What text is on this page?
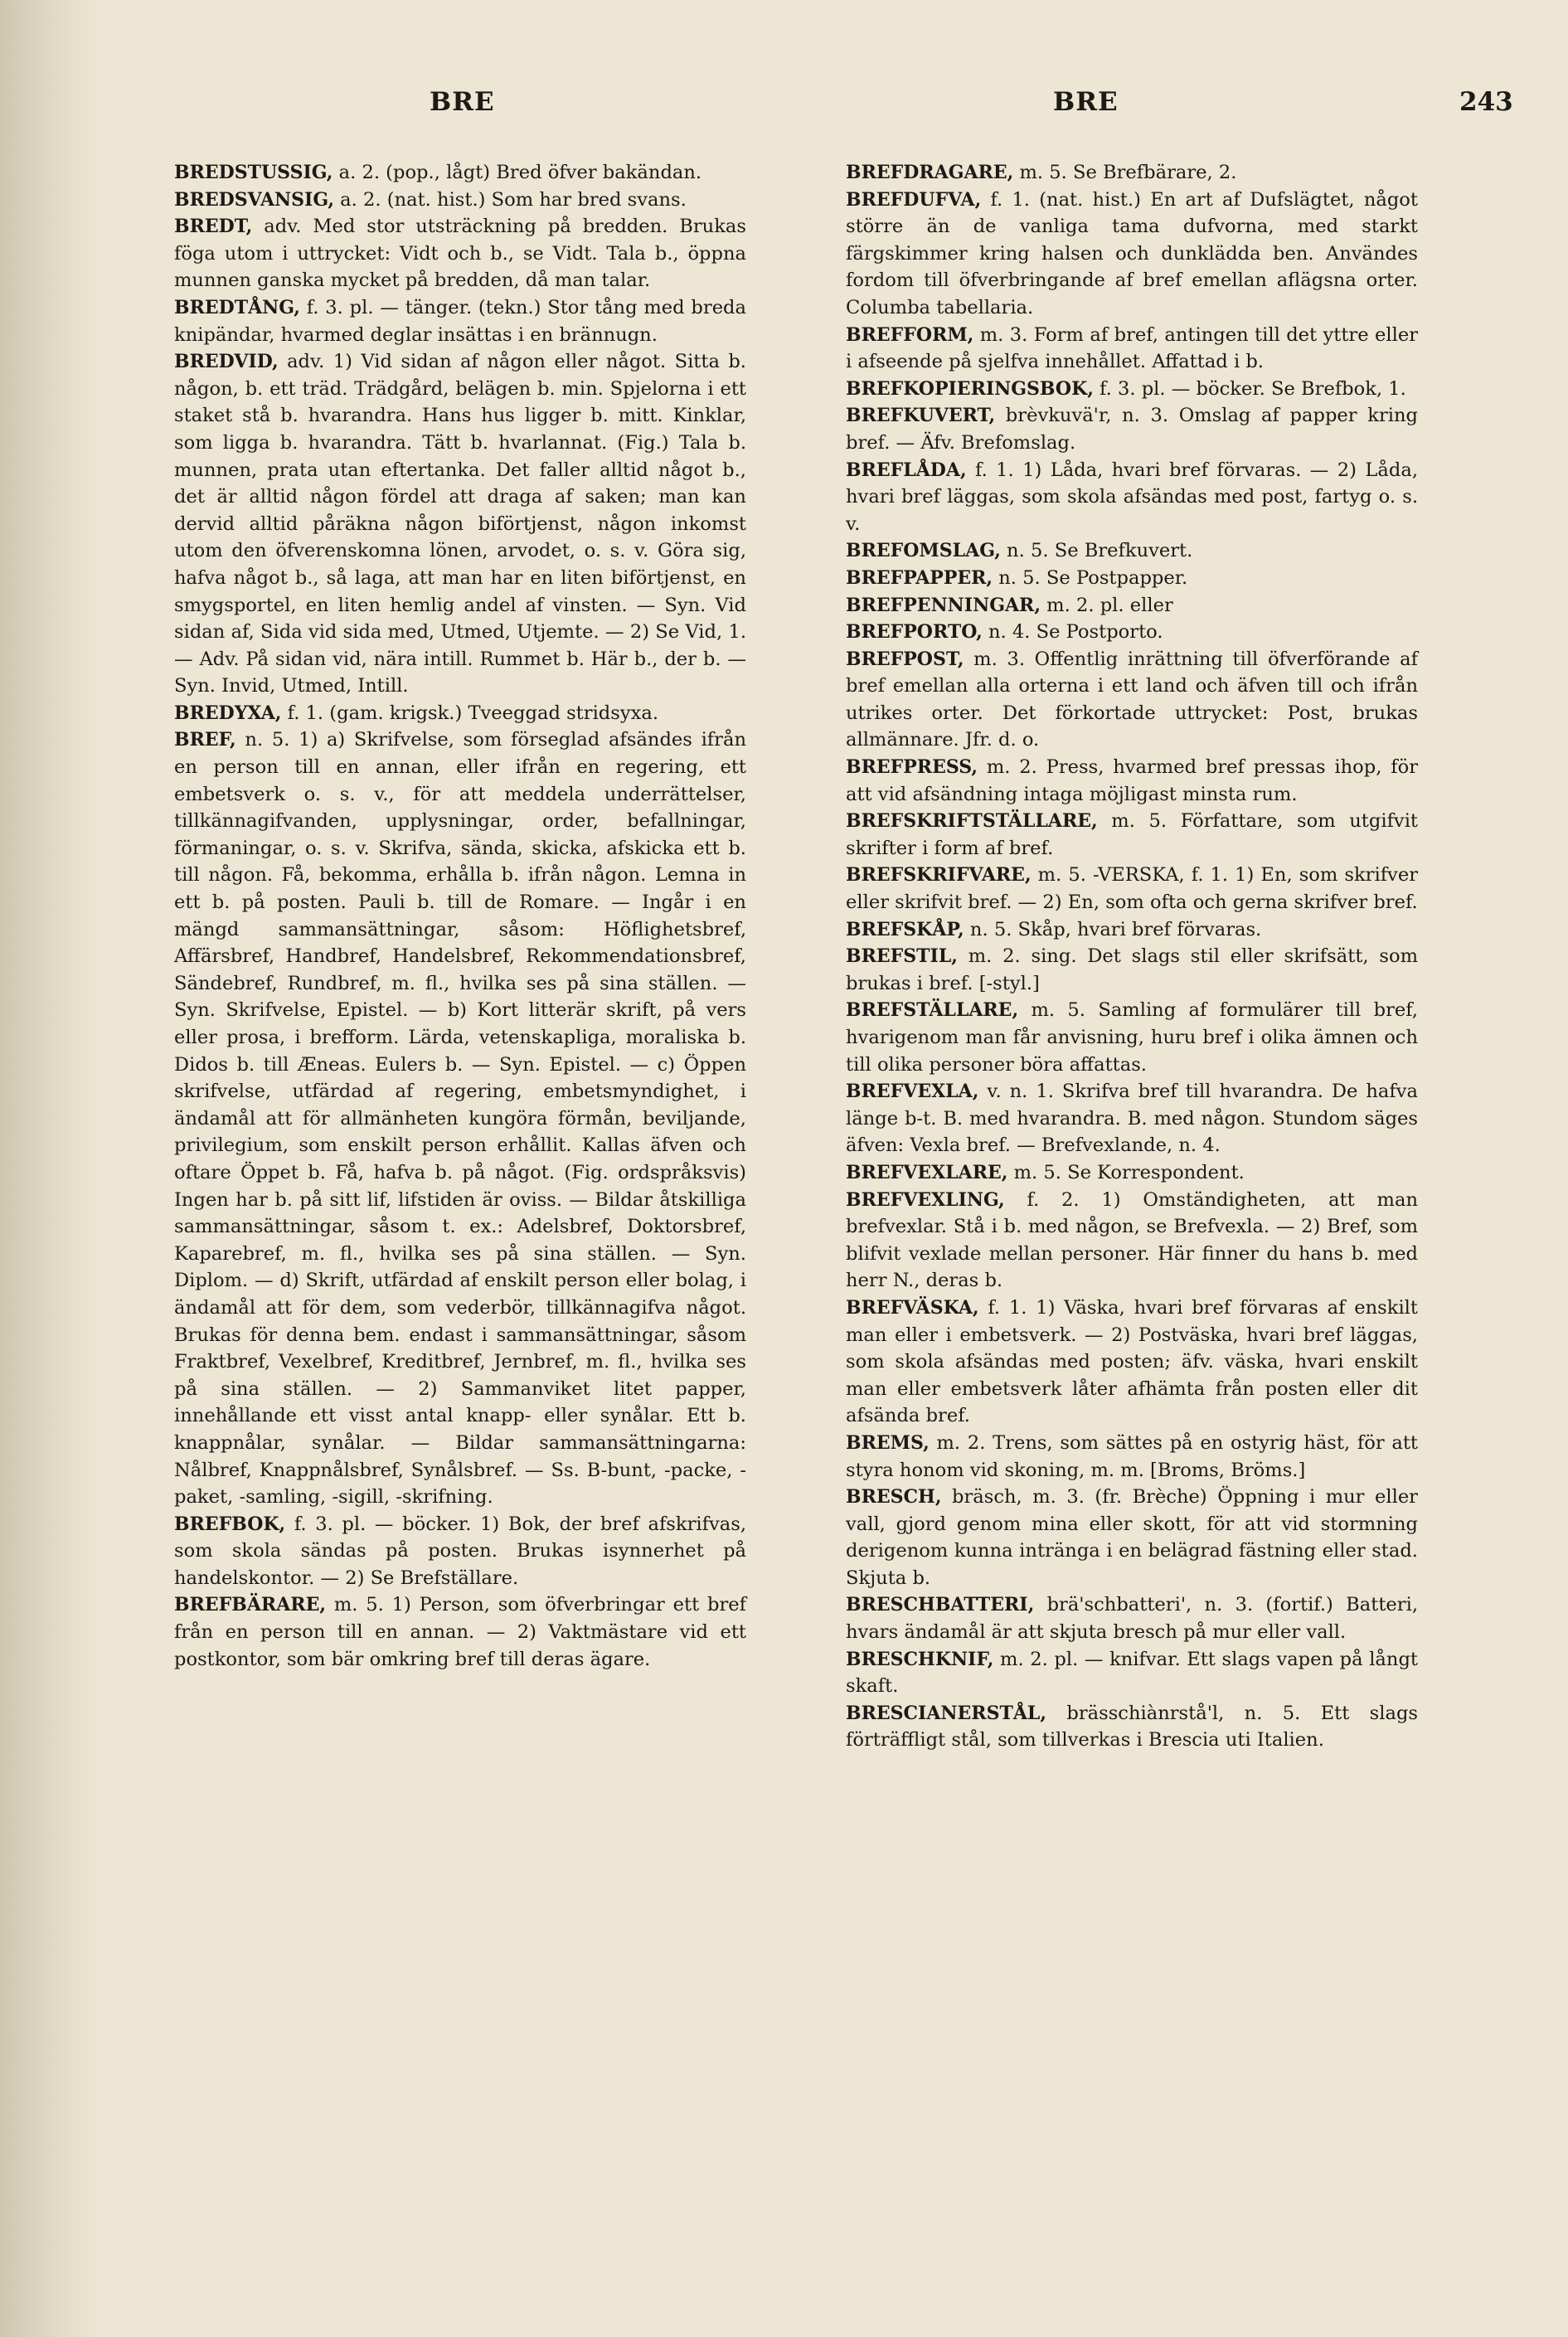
BRE	BRE	243

BREDSTUSSIG, a. 2. (pop., lågt) Bred öfver bakändan.

BREDSVANSIG, a. 2. (nat. hist.) Som har bred svans.

BREDT, adv. Med stor utsträckning på bredden. Brukas föga utom i uttrycket: Vidt och b., se Vidt. Tala b., öppna munnen ganska mycket på bredden, då man talar.

BREDTÅNG, f. 3. pl. — tänger. (tekn.) Stor tång med breda knipändar, hvarmed deglar insättas i en brännugn.

BREDVID, adv. 1) Vid sidan af någon eller något. Sitta b. någon, b. ett träd. Trädgård, belägen b. min. Spjelorna i ett staket stå b. hvarandra. Hans hus ligger b. mitt. Kinklar, som ligga b. hvarandra. Tätt b. hvarlannat. (Fig.) Tala b. munnen, prata utan eftertanka. Det faller alltid något b., det är alltid någon fördel att draga af saken; man kan dervid alltid påräkna någon biförtjenst, någon inkomst utom den öfverenskomna lönen, arvodet, o. s. v. Göra sig, hafva något b., så laga, att man har en liten biförtjenst, en smygsportel, en liten hemlig andel af vinsten. — Syn. Vid sidan af, Sida vid sida med, Utmed, Utjemte. — 2) Se Vid, 1. — Adv. På sidan vid, nära intill. Rummet b. Här b., der b. — Syn. Invid, Utmed, Intill.

BREDYXA, f. 1. (gam. krigsk.) Tveeggad stridsyxa.

BREF, n. 5. 1) a) Skrifvelse, som förseglad afsändes ifrån en person till en annan, eller ifrån en regering, ett embetsverk o. s. v., för att meddela underrättelser, tillkännagifvanden, upplysningar, order, befallningar, förmaningar, o. s. v. Skrifva, sända, skicka, afskicka ett b. till någon. Få, bekomma, erhålla b. ifrån någon. Lemna in ett b. på posten. Pauli b. till de Romare. — Ingår i en mängd sammansättningar, såsom: Höflighetsbref, Affärsbref, Handbref, Handelsbref, Rekommendationsbref, Sändebref, Rundbref, m. fl., hvilka ses på sina ställen. — Syn. Skrifvelse, Epistel. — b) Kort litterär skrift, på vers eller prosa, i brefform. Lärda, vetenskapliga, moraliska b. Didos b. till Æneas. Eulers b. — Syn. Epistel. — c) Öppen skrifvelse, utfärdad af regering, embetsmyndighet, i ändamål att för allmänheten kungöra förmån, beviljande, privilegium, som enskilt person erhållit. Kallas äfven och oftare Öppet b. Få, hafva b. på något. (Fig. ordspråksvis) Ingen har b. på sitt lif, lifstiden är oviss. — Bildar åtskilliga sammansättningar, såsom t. ex.: Adelsbref, Doktorsbref, Kaparebref, m. fl., hvilka ses på sina ställen. — Syn. Diplom. — d) Skrift, utfärdad af enskilt person eller bolag, i ändamål att för dem, som vederbör, tillkännagifva något. Brukas för denna bem. endast i sammansättningar, såsom Fraktbref, Vexelbref, Kreditbref, Jernbref, m. fl., hvilka ses på sina ställen. — 2) Sammanviket litet papper, innehållande ett visst antal knapp- eller synålar. Ett b. knappnålar, synålar. — Bildar sammansättningarna: Nålbref, Knappnålsbref, Synålsbref. — Ss. B-bunt, -packe, -paket, -samling, -sigill, -skrifning.

BREFBOK, f. 3. pl. — böcker. 1) Bok, der bref afskrifvas, som skola sändas på posten. Brukas isynnerhet på handelskontor. — 2) Se Brefställare.

BREFBÄRARE, m. 5. 1) Person, som öfverbringar ett bref från en person till en annan. — 2) Vaktmästare vid ett postkontor, som bär omkring bref till deras ägare.

BREFDRAGARE, m. 5. Se Brefbärare, 2.

BREFDUFVA, f. 1. (nat. hist.) En art af Dufslägtet, något större än de vanliga tama dufvorna, med starkt färgskimmer kring halsen och dunklädda ben. Användes fordom till öfverbringande af bref emellan aflägsna orter. Columba tabellaria.

BREFFORM, m. 3. Form af bref, antingen till det yttre eller i afseende på sjelfva innehållet. Affattad i b.

BREFKOPIERINGSBOK, f. 3. pl. — böcker. Se Brefbok, 1.

BREFKUVERT, brèvkuvä'r, n. 3. Omslag af papper kring bref. — Äfv. Brefomslag.

BREFLÅDA, f. 1. 1) Låda, hvari bref förvaras. — 2) Låda, hvari bref läggas, som skola afsändas med post, fartyg o. s. v.

BREFOMSLAG, n. 5. Se Brefkuvert.

BREFPAPPER, n. 5. Se Postpapper.

BREFPENNINGAR, m. 2. pl. eller

BREFPORTO, n. 4. Se Postporto.

BREFPOST, m. 3. Offentlig inrättning till öfverförande af bref emellan alla orterna i ett land och äfven till och ifrån utrikes orter. Det förkortade uttrycket: Post, brukas allmännare. Jfr. d. o.

BREFPRESS, m. 2. Press, hvarmed bref pressas ihop, för att vid afsändning intaga möjligast minsta rum.

BREFSKRIFTSTÄLLARE, m. 5. Författare, som utgifvit skrifter i form af bref.

BREFSKRIFVARE, m. 5. -VERSKA, f. 1. 1) En, som skrifver eller skrifvit bref. — 2) En, som ofta och gerna skrifver bref.

BREFSKÅP, n. 5. Skåp, hvari bref förvaras.

BREFSTIL, m. 2. sing. Det slags stil eller skrifsätt, som brukas i bref. [-styl.]

BREFSTÄLLARE, m. 5. Samling af formulärer till bref, hvarigenom man får anvisning, huru bref i olika ämnen och till olika personer böra affattas.

BREFVEXLA, v. n. 1. Skrifva bref till hvarandra. De hafva länge b-t. B. med hvarandra. B. med någon. Stundom säges äfven: Vexla bref. — Brefvexlande, n. 4.

BREFVEXLARE, m. 5. Se Korrespondent.

BREFVEXLING, f. 2. 1) Omständigheten, att man brefvexlar. Stå i b. med någon, se Brefvexla. — 2) Bref, som blifvit vexlade mellan personer. Här finner du hans b. med herr N., deras b.

BREFVÄSKA, f. 1. 1) Väska, hvari bref förvaras af enskilt man eller i embetsverk. — 2) Postväska, hvari bref läggas, som skola afsändas med posten; äfv. väska, hvari enskilt man eller embetsverk låter afhämta från posten eller dit afsända bref.

BREMS, m. 2. Trens, som sättes på en ostyrig häst, för att styra honom vid skoning, m. m. [Broms, Bröms.]

BRESCH, bräsch, m. 3. (fr. Brèche) Öppning i mur eller vall, gjord genom mina eller skott, för att vid stormning derigenom kunna intränga i en belägrad fästning eller stad. Skjuta b.

BRESCHBATTERI, brä'schbatteri', n. 3. (fortif.) Batteri, hvars ändamål är att skjuta bresch på mur eller vall.

BRESCHKNIF, m. 2. pl. — knifvar. Ett slags vapen på långt skaft.

BRESCIANERSTÅL, brässchiànrstå'l, n. 5. Ett slags förträffligt stål, som tillverkas i Brescia uti Italien.
